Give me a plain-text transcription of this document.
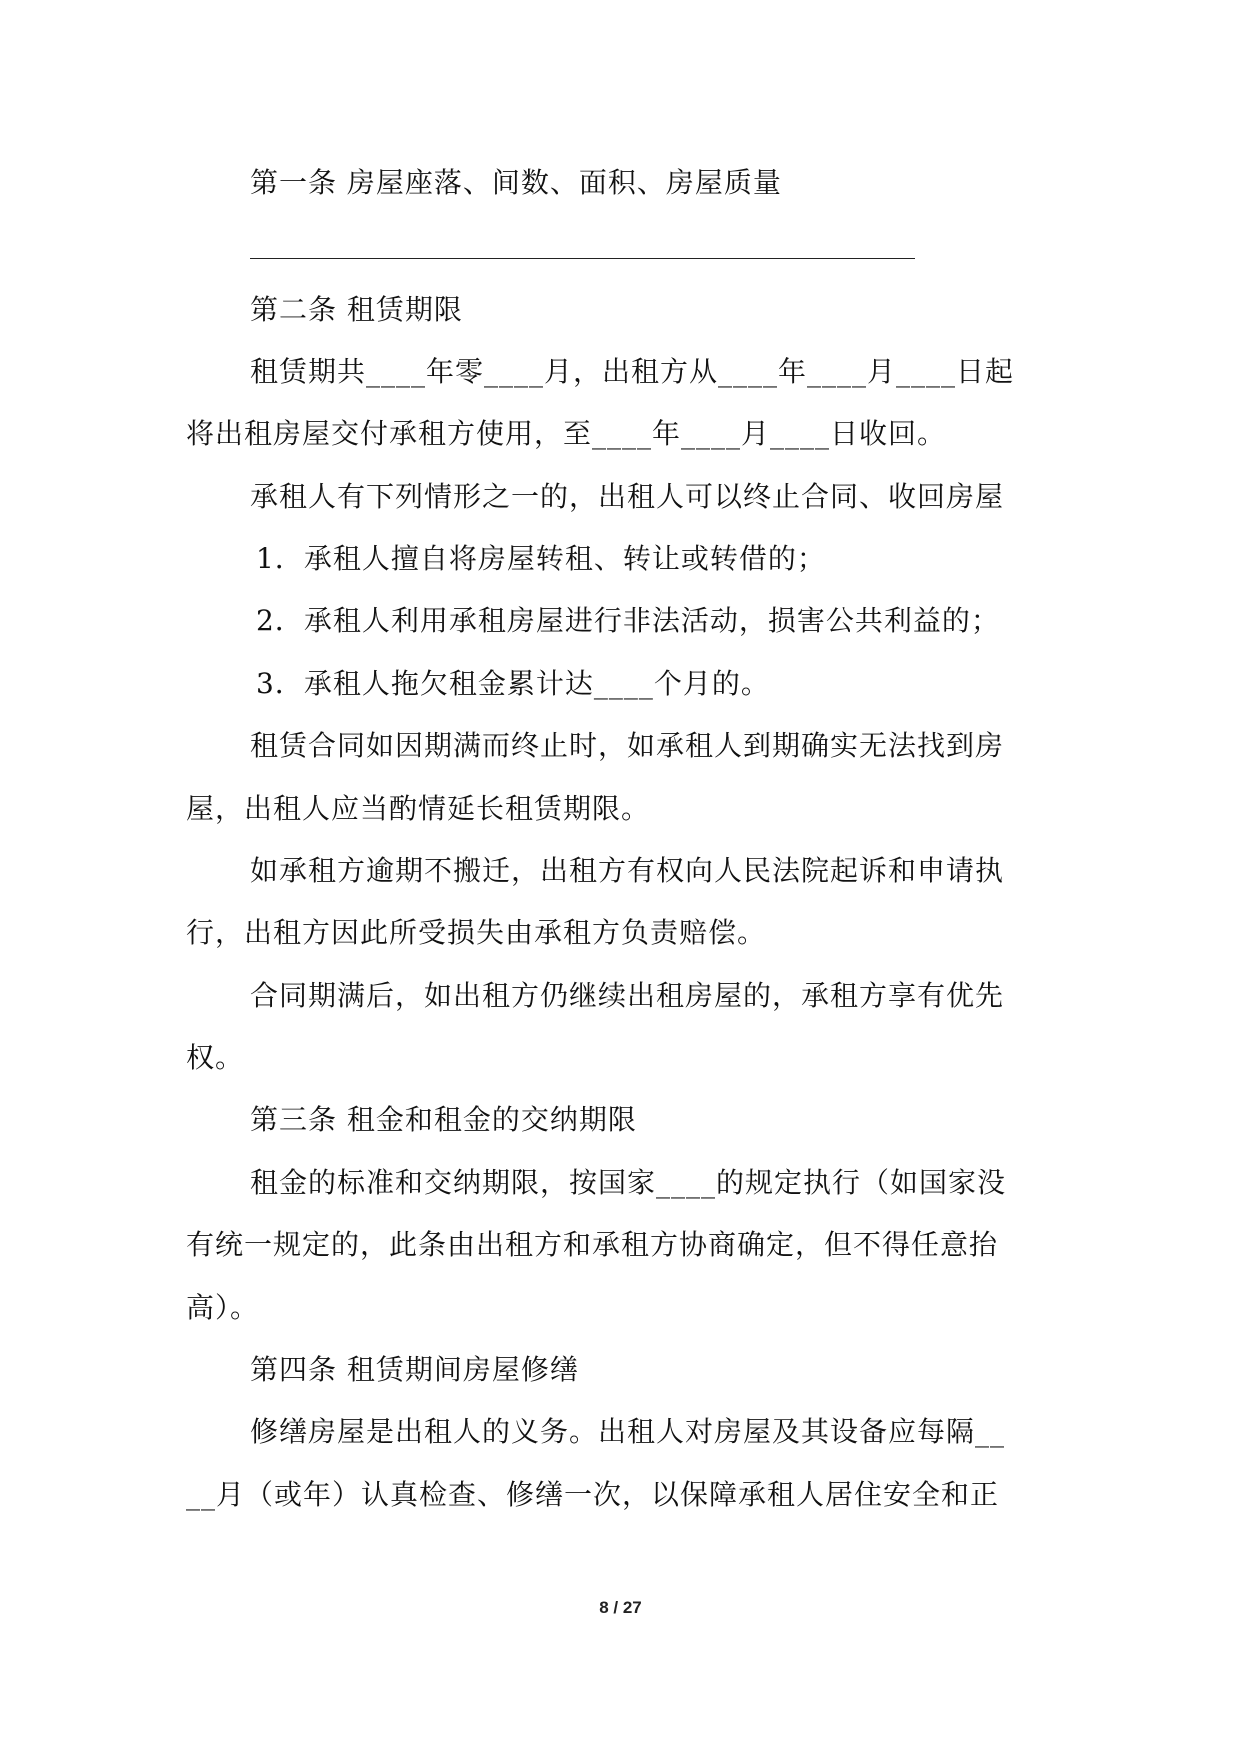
第一条 房屋座落、间数、面积、房屋质量
第二条 租赁期限
租赁期共____年零____月，出租方从____年____月____日起
将出租房屋交付承租方使用，至____年____月____日收回。
承租人有下列情形之一的，出租人可以终止合同、收回房屋
1．承租人擅自将房屋转租、转让或转借的；
2．承租人利用承租房屋进行非法活动，损害公共利益的；
3．承租人拖欠租金累计达____个月的。
租赁合同如因期满而终止时，如承租人到期确实无法找到房
屋，出租人应当酌情延长租赁期限。
如承租方逾期不搬迁，出租方有权向人民法院起诉和申请执
行，出租方因此所受损失由承租方负责赔偿。
合同期满后，如出租方仍继续出租房屋的，承租方享有优先
权。
第三条 租金和租金的交纳期限
租金的标准和交纳期限，按国家____的规定执行（如国家没
有统一规定的，此条由出租方和承租方协商确定，但不得任意抬
高）。
第四条 租赁期间房屋修缮
修缮房屋是出租人的义务。出租人对房屋及其设备应每隔__
__月（或年）认真检查、修缮一次，以保障承租人居住安全和正
8 / 27
